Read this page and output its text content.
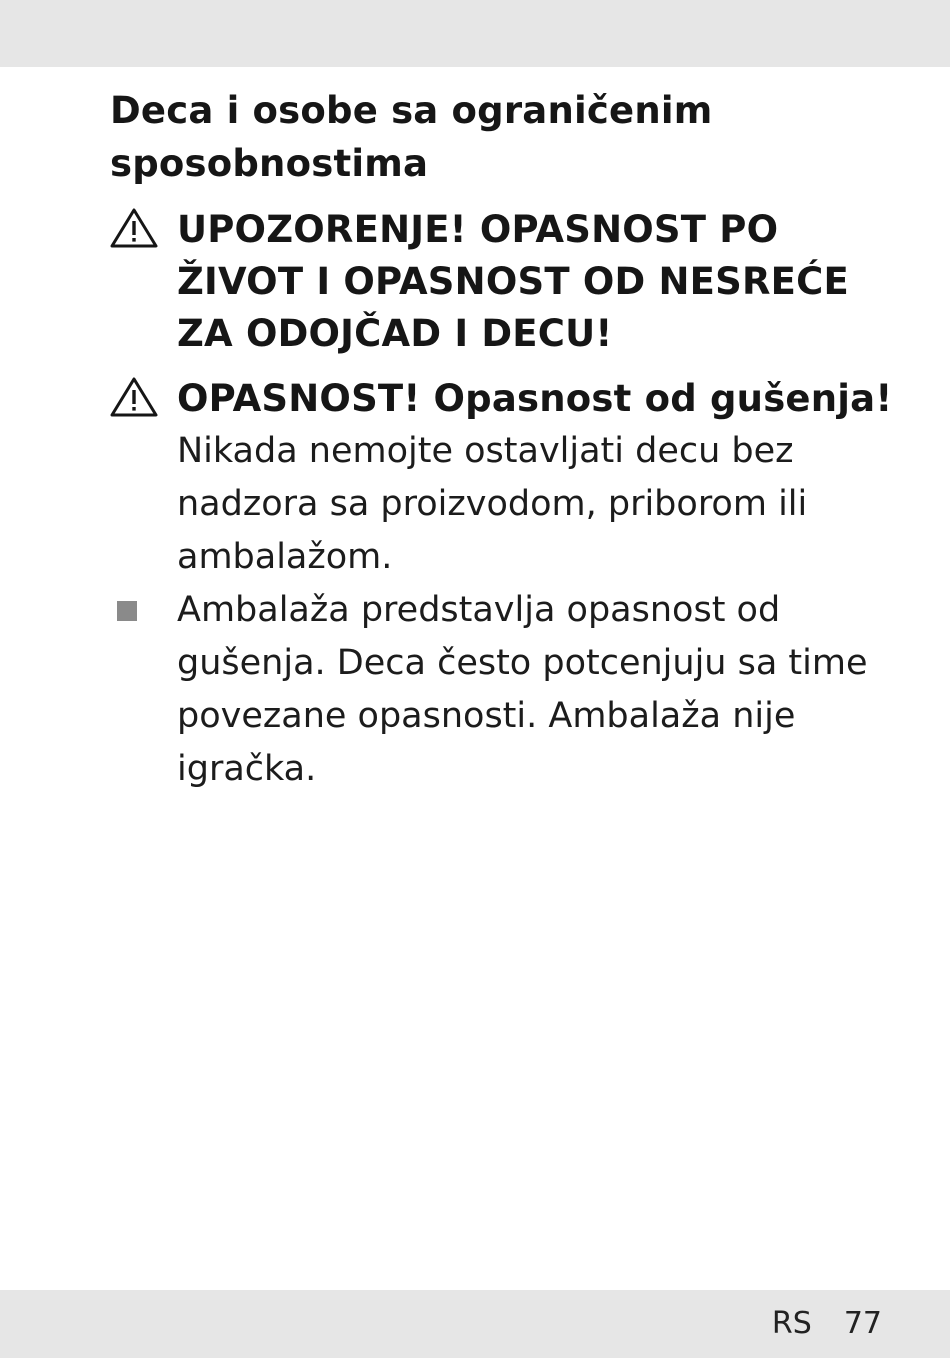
Deca i osobe sa ograničenim
sposobnostima
UPOZORENJE! OPASNOST PO
ŽIVOT I OPASNOST OD NESREĆE
ZA ODOJČAD I DECU!
OPASNOST! Opasnost od gušenja!
Nikada nemojte ostavljati decu bez
nadzora sa proizvodom, priborom ili
ambalažom.
Ambalaža predstavlja opasnost od
gušenja. Deca često potcenjuju sa time
povezane opasnosti. Ambalaža nije
igračka.
RS 77
